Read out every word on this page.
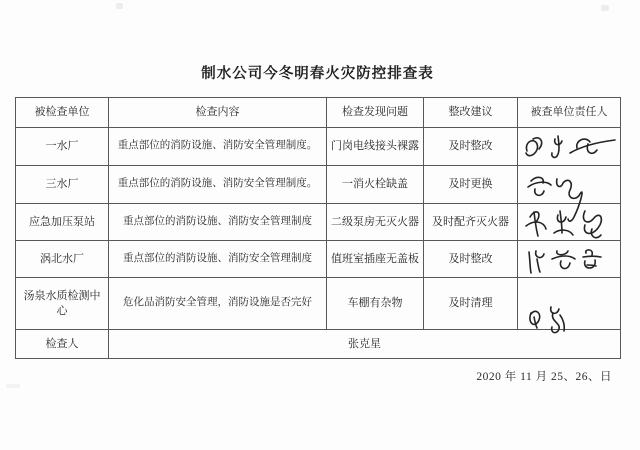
制水公司今冬明春火灾防控排查表
被检查单位	检查内容	检查发现问题	整改建议	被查单位责任人
一水厂	重点部位的消防设施、消防安全管理制度。	门岗电线接头裸露	及时整改	

三水厂	重点部位的消防设施、消防安全管理制度。	一消火栓缺盖	及时更换	

应急加压泵站	重点部位的消防设施、消防安全管理制度	二级泵房无灭火器	及时配齐灭火器	

涡北水厂	重点部位的消防设施、消防安全管理制度	值班室插座无盖板	及时整改	

汤泉水质检测中心	危化品消防安全管理，消防设施是否完好	车棚有杂物	及时清理	

检查人	张克星			
2020 年 11 月 25、26、日
